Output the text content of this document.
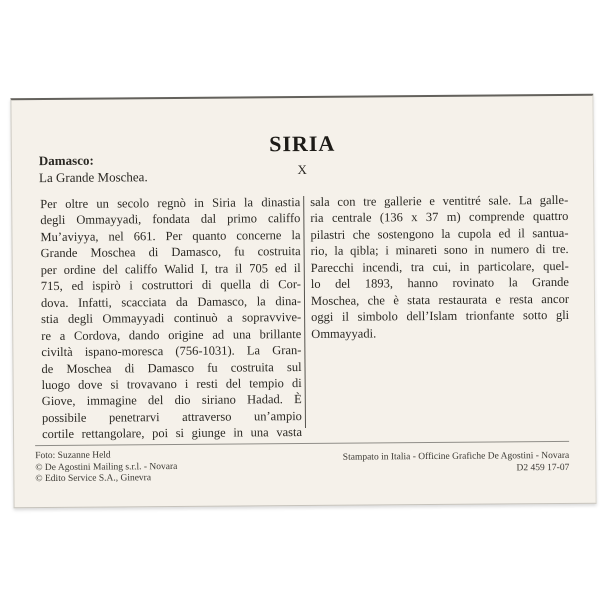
Damasco:
La Grande Moschea.
SIRIA
X
Per oltre un secolo regnò in Siria la dinastia
degli Ommayyadi, fondata dal primo califfo
Mu’aviyya, nel 661. Per quanto concerne la
Grande Moschea di Damasco, fu costruita
per ordine del califfo Walid I, tra il 705 ed il
715, ed ispirò i costruttori di quella di Cor-
dova. Infatti, scacciata da Damasco, la dina-
stia degli Ommayyadi continuò a sopravvive-
re a Cordova, dando origine ad una brillante
civiltà ispano-moresca (756-1031). La Gran-
de Moschea di Damasco fu costruita sul
luogo dove si trovavano i resti del tempio di
Giove, immagine del dio siriano Hadad. È
possibile penetrarvi attraverso un’ampio
cortile rettangolare, poi si giunge in una vasta
sala con tre gallerie e ventitré sale. La galle-
ria centrale (136 x 37 m) comprende quattro
pilastri che sostengono la cupola ed il santua-
rio, la qibla; i minareti sono in numero di tre.
Parecchi incendi, tra cui, in particolare, quel-
lo del 1893, hanno rovinato la Grande
Moschea, che è stata restaurata e resta ancor
oggi il simbolo dell’Islam trionfante sotto gli
Ommayyadi.
Foto: Suzanne Held
© De Agostini Mailing s.r.l. - Novara
© Edito Service S.A., Ginevra
Stampato in Italia - Officine Grafiche De Agostini - Novara
D2 459 17-07
